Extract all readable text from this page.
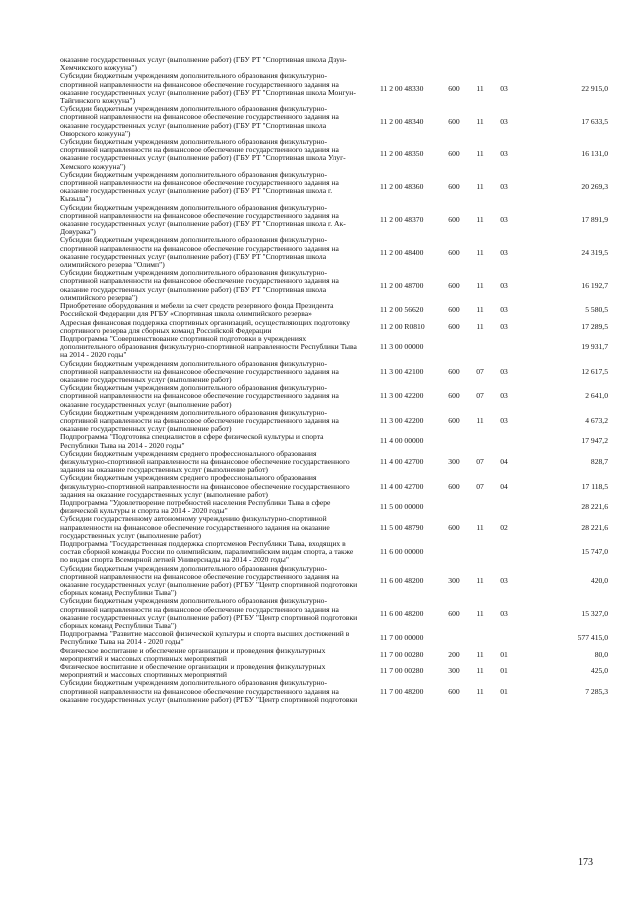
оказание государственных услуг (выполнение работ) (ГБУ РТ "Спортивная школа Дзун-Хемчикского кожууна")
Субсидии бюджетным учреждениям дополнительного образования физкультурно-спортивной направленности на финансовое обеспечение государственного задания на оказание государственных услуг (выполнение работ) (ГБУ РТ "Спортивная школа Монгун-Тайгинского кожууна")
11 2 00 48330	600	11	03	22 915,0
Субсидии бюджетным учреждениям дополнительного образования физкультурно-спортивной направленности на финансовое обеспечение государственного задания на оказание государственных услуг (выполнение работ) (ГБУ РТ "Спортивная школа Овюрского кожууна")
11 2 00 48340	600	11	03	17 633,5
Субсидии бюджетным учреждениям дополнительного образования физкультурно-спортивной направленности на финансовое обеспечение государственного задания на оказание государственных услуг (выполнение работ) (ГБУ РТ "Спортивная школа Улуг-Хемского кожууна")
11 2 00 48350	600	11	03	16 131,0
Субсидии бюджетным учреждениям дополнительного образования физкультурно-спортивной направленности на финансовое обеспечение государственного задания на оказание государственных услуг (выполнение работ) (ГБУ РТ "Спортивная школа г. Кызыла")
11 2 00 48360	600	11	03	20 269,3
Субсидии бюджетным учреждениям дополнительного образования физкультурно-спортивной направленности на финансовое обеспечение государственного задания на оказание государственных услуг (выполнение работ) (ГБУ РТ "Спортивная школа г. Ак-Довурака")
11 2 00 48370	600	11	03	17 891,9
Субсидии бюджетным учреждениям дополнительного образования физкультурно-спортивной направленности на финансовое обеспечение государственного задания на оказание государственных услуг (выполнение работ) (ГБУ РТ "Спортивная школа олимпийского резерва "Олимп")
11 2 00 48400	600	11	03	24 319,5
Субсидии бюджетным учреждениям дополнительного образования физкультурно-спортивной направленности на финансовое обеспечение государственного задания на оказание государственных услуг (выполнение работ) (ГБУ РТ "Спортивная школа олимпийского резерва")
11 2 00 48700	600	11	03	16 192,7
Приобретение оборудования и мебели за счет средств резервного фонда Президента Российской Федерации для РГБУ «Спортивная школа олимпийского резерва»	11 2 00 56620	600	11	03	5 580,5
Адресная финансовая поддержка спортивных организаций, осуществляющих подготовку спортивного резерва для сборных команд Российской Федерации	11 2 00 R0810	600	11	03	17 289,5
Подпрограмма "Совершенствование спортивной подготовки в учреждениях дополнительного образования физкультурно-спортивной направленности Республики Тыва на 2014 - 2020 годы"
11 3 00 00000	19 931,7
Субсидии бюджетным учреждениям дополнительного образования физкультурно-спортивной направленности на финансовое обеспечение государственного задания на оказание государственных услуг (выполнение работ)
11 3 00 42100	600	07	03	12 617,5
Субсидии бюджетным учреждениям дополнительного образования физкультурно-спортивной направленности на финансовое обеспечение государственного задания на оказание государственных услуг (выполнение работ)
11 3 00 42200	600	07	03	2 641,0
Субсидии бюджетным учреждениям дополнительного образования физкультурно-спортивной направленности на финансовое обеспечение государственного задания на оказание государственных услуг (выполнение работ)
11 3 00 42200	600	11	03	4 673,2
Подпрограмма "Подготовка специалистов в сфере физической культуры и спорта Республики Тыва на 2014 - 2020 годы"	11 4 00 00000	17 947,2
Субсидии бюджетным учреждениям среднего профессионального образования физкультурно-спортивной направленности на финансовое обеспечение государственного задания на оказание государственных услуг (выполнение работ)
11 4 00 42700	300	07	04	828,7
Субсидии бюджетным учреждениям среднего профессионального образования физкультурно-спортивной направленности на финансовое обеспечение государственного задания на оказание государственных услуг (выполнение работ)
11 4 00 42700	600	07	04	17 118,5
Подпрограмма "Удовлетворение потребностей населения Республики Тыва в сфере физической культуры и спорта на 2014 - 2020 годы"	11 5 00 00000	28 221,6
Субсидии государственному автономному учреждению физкультурно-спортивной направленности на финансовое обеспечение государственного задания на оказание государственных услуг (выполнение работ)
11 5 00 48790	600	11	02	28 221,6
Подпрограмма "Государственная поддержка спортсменов Республики Тыва, входящих в состав сборной команды России по олимпийским, паралимпийским видам спорта, а также по видам спорта Всемирной летней Универсиады на 2014 - 2020 годы"
11 6 00 00000	15 747,0
Субсидии бюджетным учреждениям дополнительного образования физкультурно-спортивной направленности на финансовое обеспечение государственного задания на оказание государственных услуг (выполнение работ) (РГБУ "Центр спортивной подготовки сборных команд Республики Тыва")
11 6 00 48200	300	11	03	420,0
Субсидии бюджетным учреждениям дополнительного образования физкультурно-спортивной направленности на финансовое обеспечение государственного задания на оказание государственных услуг (выполнение работ) (РГБУ "Центр спортивной подготовки сборных команд Республики Тыва")
11 6 00 48200	600	11	03	15 327,0
Подпрограмма "Развитие массовой физической культуры и спорта высших достижений в Республике Тыва на 2014 - 2020 годы"	11 7 00 00000	577 415,0
Физическое воспитание и обеспечение организации и проведения физкультурных мероприятий и массовых спортивных мероприятий	11 7 00 00280	200	11	01	80,0
Физическое воспитание и обеспечение организации и проведения физкультурных мероприятий и массовых спортивных мероприятий	11 7 00 00280	300	11	01	425,0
Субсидии бюджетным учреждениям дополнительного образования физкультурно-спортивной направленности на финансовое обеспечение государственного задания на оказание государственных услуг (выполнение работ) (РГБУ "Центр спортивной подготовки
11 7 00 48200	600	11	01	7 285,3
173
